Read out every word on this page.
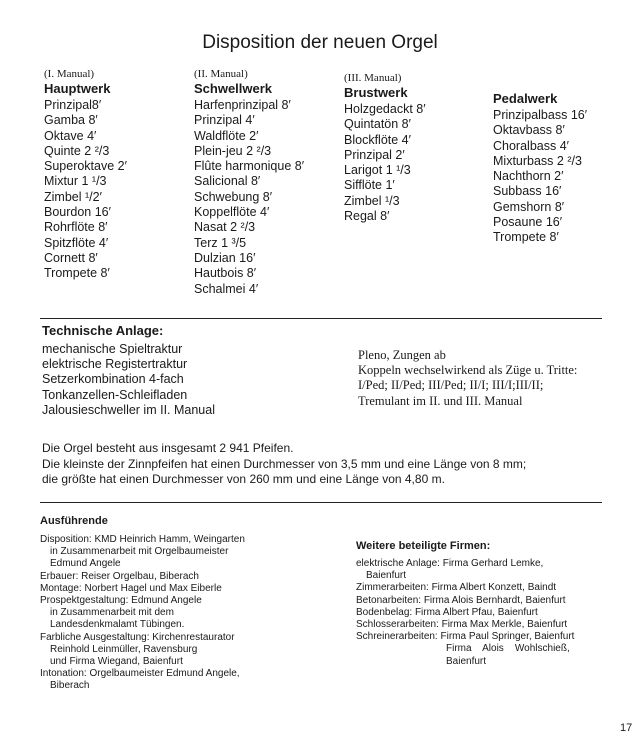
Disposition der neuen Orgel
(I. Manual)
Hauptwerk
Prinzipal8′
Gamba 8′
Oktave 4′
Quinte 2 ²/3
Superoktave 2′
Mixtur 1 ¹/3
Zimbel ¹/2′
Bourdon 16′
Rohrflöte 8′
Spitzflöte 4′
Cornett 8′
Trompete 8′
(II. Manual)
Schwellwerk
Harfenprinzipal 8′
Prinzipal 4′
Waldflöte 2′
Plein-jeu 2 ²/3
Flûte harmonique 8′
Salicional 8′
Schwebung 8′
Koppelflöte 4′
Nasat 2 ²/3
Terz 1 ³/5
Dulzian 16′
Hautbois 8′
Schalmei 4′
(III. Manual)
Brustwerk
Holzgedackt 8′
Quintatön 8′
Blockflöte 4′
Prinzipal 2′
Larigot 1 ¹/3
Sifflöte 1′
Zimbel ¹/3
Regal 8′
Pedalwerk
Prinzipalbass 16′
Oktavbass 8′
Choralbass 4′
Mixturbass 2 ²/3
Nachthorn 2′
Subbass 16′
Gemshorn 8′
Posaune 16′
Trompete 8′
Technische Anlage:
mechanische Spieltraktur
elektrische Registertraktur
Setzerkombination 4-fach
Tonkanzellen-Schleifladen
Jalousieschweller im II. Manual
Pleno, Zungen ab
Koppeln wechselwirkend als Züge u. Tritte:
I/Ped; II/Ped; III/Ped; II/I; III/I;III/II;
Tremulant im II. und III. Manual
Die Orgel besteht aus insgesamt 2 941 Pfeifen.
Die kleinste der Zinnpfeifen hat einen Durchmesser von 3,5 mm und eine Länge von 8 mm;
die größte hat einen Durchmesser von 260 mm und eine Länge von 4,80 m.
Ausführende
Disposition: KMD Heinrich Hamm, Weingarten
in Zusammenarbeit mit Orgelbaumeister
Edmund Angele
Erbauer: Reiser Orgelbau, Biberach
Montage: Norbert Hagel und Max Eiberle
Prospektgestaltung: Edmund Angele
in Zusammenarbeit mit dem
Landesdenkmalamt Tübingen.
Farbliche Ausgestaltung: Kirchenrestaurator
Reinhold Leinmüller, Ravensburg
und Firma Wiegand, Baienfurt
Intonation: Orgelbaumeister Edmund Angele,
Biberach
Weitere beteiligte Firmen:
elektrische Anlage: Firma Gerhard Lemke,
Baienfurt
Zimmerarbeiten: Firma Albert Konzett, Baindt
Betonarbeiten: Firma Alois Bernhardt, Baienfurt
Bodenbelag: Firma Albert Pfau, Baienfurt
Schlosserarbeiten: Firma Max Merkle, Baienfurt
Schreinerarbeiten: Firma Paul Springer, Baienfurt
Firma    Alois    Wohlschieß,
Baienfurt
17
